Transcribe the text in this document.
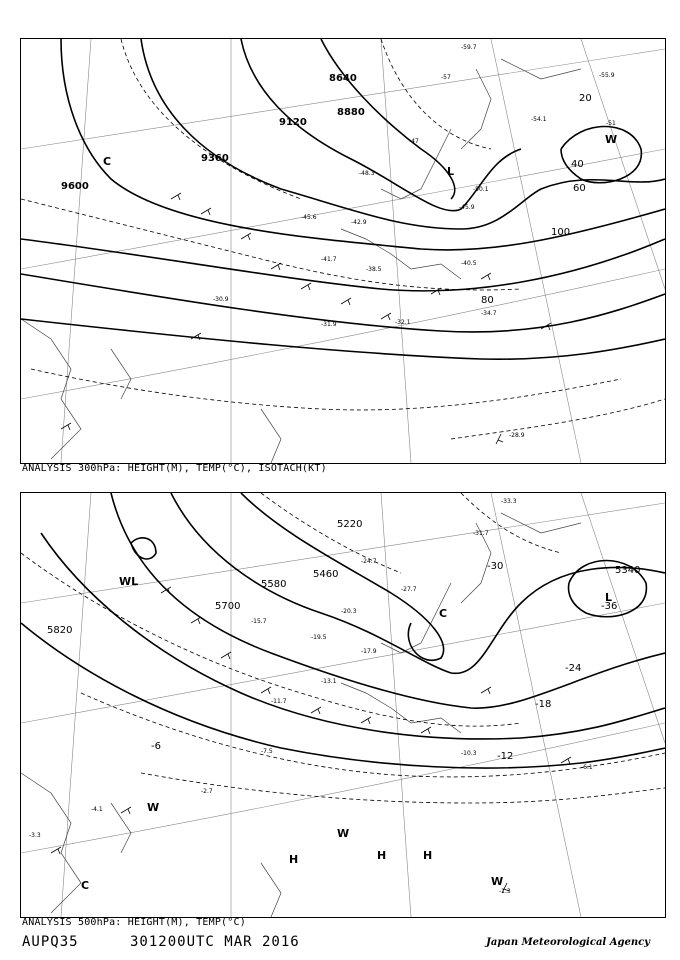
8640
8880
9120
9360
9600
20
40
60
80
100
-59.7
-55.9
-57
-54.1
-51
-50.1
-48.3
-47
-45.9
-45.6
-42.9
-41.7
-40.5
-38.5
-34.7
-32.1
-31.9
-30.9
-28.9
C
W
L
ANALYSIS 300hPa: HEIGHT(M), TEMP(°C), ISOTACH(KT)
5220
5340
5460
5580
5700
5820
-36
-30
-24
-18
-12
-6
-33.3
-31.7
-27.7
-24.7
-20.3
-19.5
-17.9
-15.7
-13.1
-11.7
-10.3
-7.5
-6.1
-4.1
-3.3
-2.7
-1.3
WL
C
L
W
H	H	H
W
C	W
ANALYSIS 500hPa: HEIGHT(M), TEMP(°C)
AUPQ35	301200UTC MAR 2016	Japan Meteorological Agency
